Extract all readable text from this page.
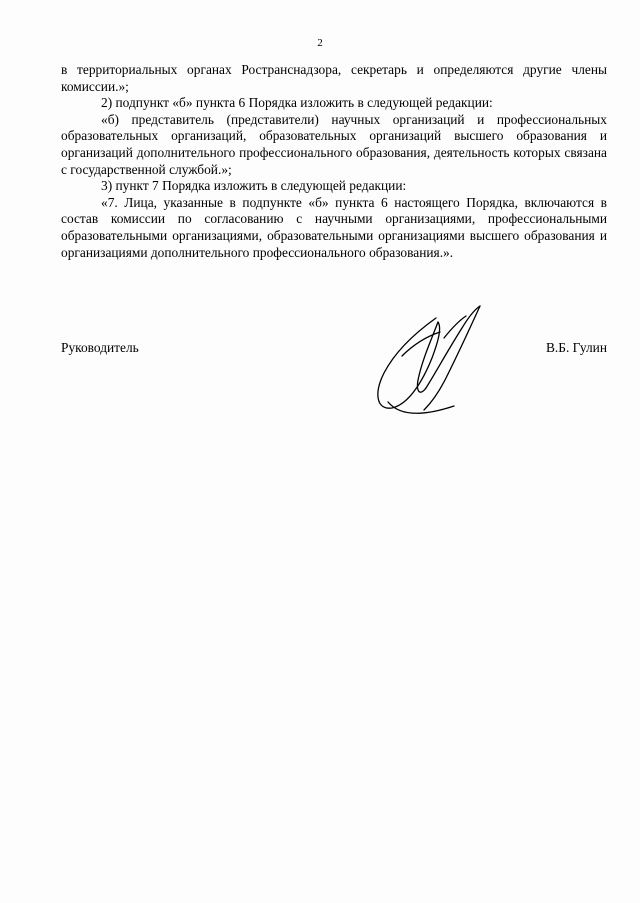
2

в территориальных органах Ространснадзора, секретарь и определяются другие члены комиссии.»;

2) подпункт «б» пункта 6 Порядка изложить в следующей редакции:

«б) представитель (представители) научных организаций и профессиональных образовательных организаций, образовательных организаций высшего образования и организаций дополнительного профессионального образования, деятельность которых связана с государственной службой.»;

3) пункт 7 Порядка изложить в следующей редакции:

«7. Лица, указанные в подпункте «б» пункта 6 настоящего Порядка, включаются в состав комиссии по согласованию с научными организациями, профессиональными образовательными организациями, образовательными организациями высшего образования и организациями дополнительного профессионального образования.».

Руководитель	В.Б. Гулин
